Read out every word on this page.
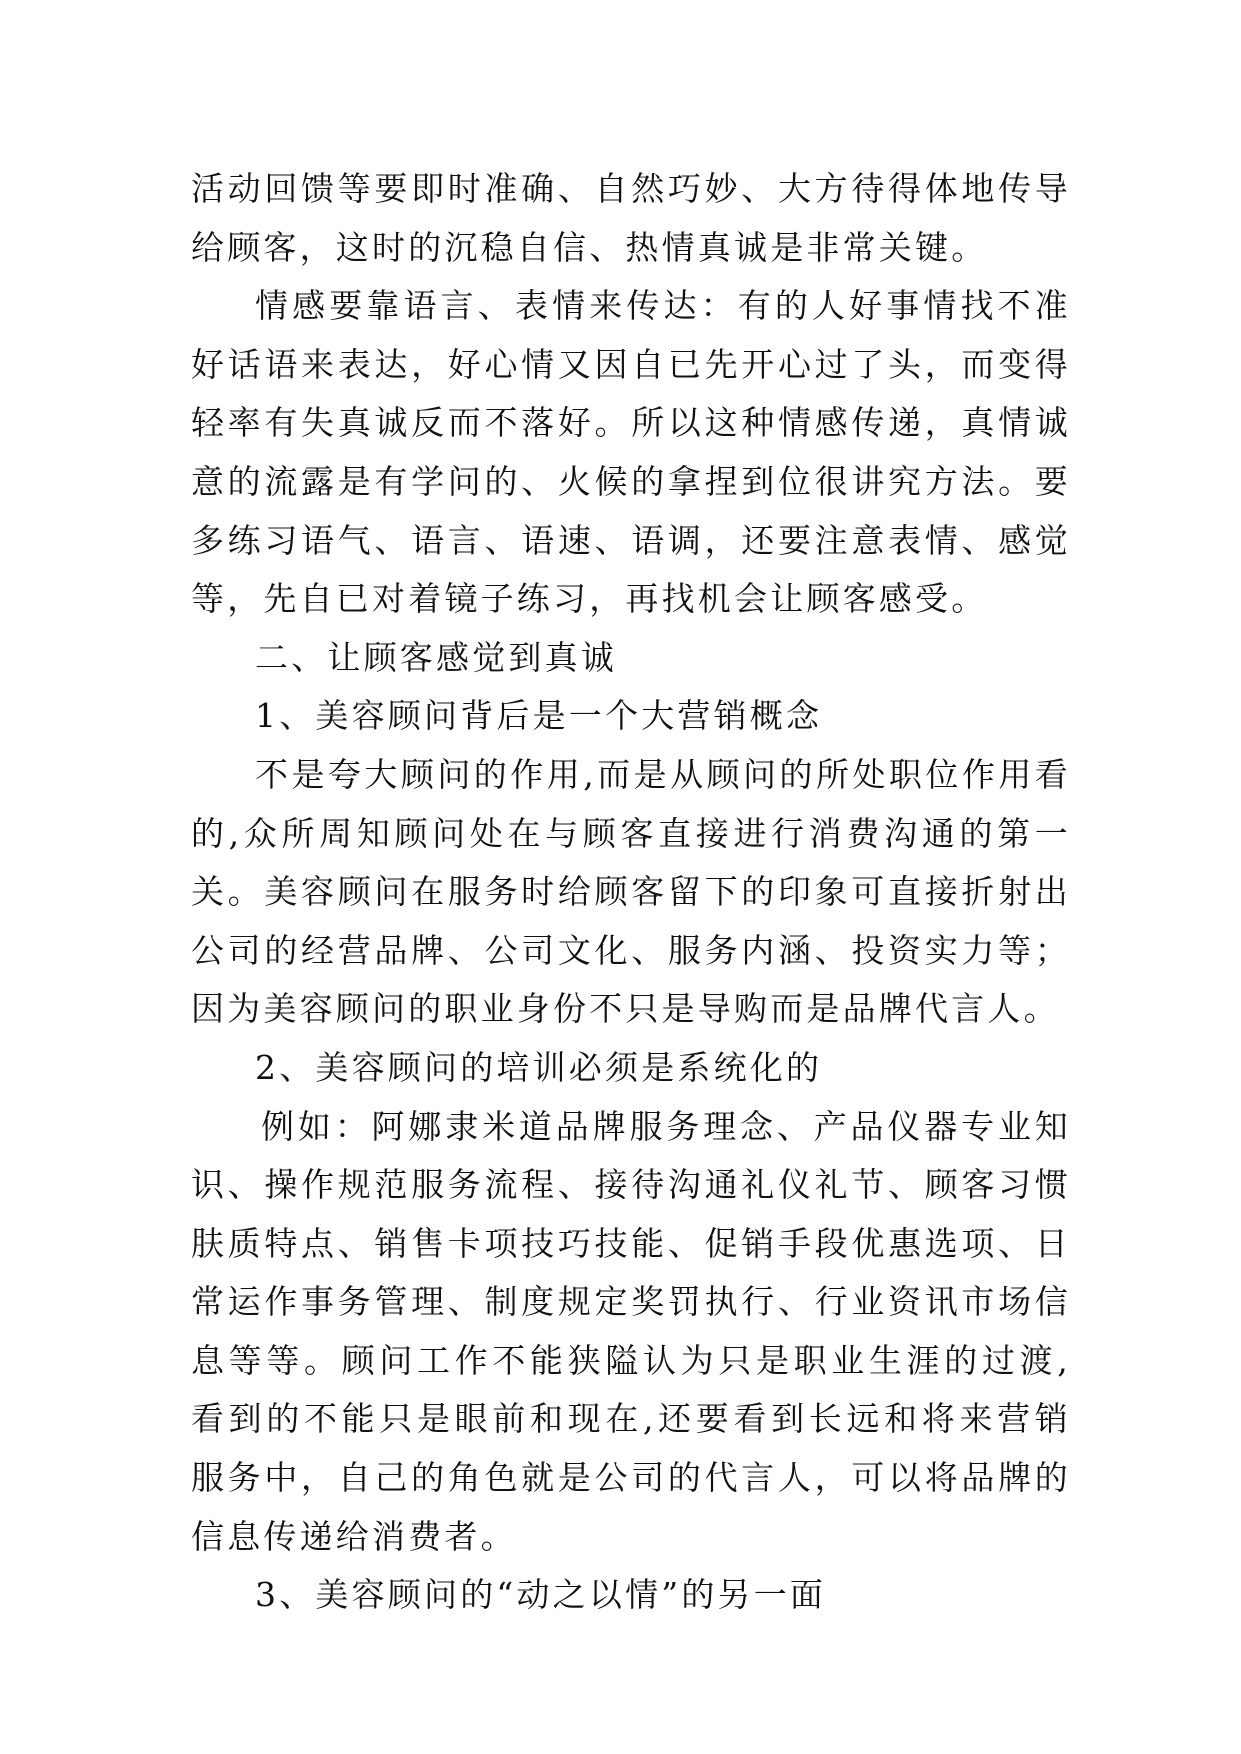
活动回馈等要即时准确、自然巧妙、大方待得体地传导给顾客，这时的沉稳自信、热情真诚是非常关键。

情感要靠语言、表情来传达：有的人好事情找不准好话语来表达，好心情又因自已先开心过了头，而变得轻率有失真诚反而不落好。所以这种情感传递，真情诚意的流露是有学问的、火候的拿捏到位很讲究方法。要多练习语气、语言、语速、语调，还要注意表情、感觉等，先自已对着镜子练习，再找机会让顾客感受。

二、让顾客感觉到真诚

1、美容顾问背后是一个大营销概念

不是夸大顾问的作用,而是从顾问的所处职位作用看的,众所周知顾问处在与顾客直接进行消费沟通的第一关。美容顾问在服务时给顾客留下的印象可直接折射出公司的经营品牌、公司文化、服务内涵、投资实力等；因为美容顾问的职业身份不只是导购而是品牌代言人。

2、美容顾问的培训必须是系统化的

例如：阿娜隶米道品牌服务理念、产品仪器专业知识、操作规范服务流程、接待沟通礼仪礼节、顾客习惯肤质特点、销售卡项技巧技能、促销手段优惠选项、日常运作事务管理、制度规定奖罚执行、行业资讯市场信息等等。顾问工作不能狭隘认为只是职业生涯的过渡,看到的不能只是眼前和现在,还要看到长远和将来营销服务中，自己的角色就是公司的代言人，可以将品牌的信息传递给消费者。

3、美容顾问的“动之以情”的另一面
